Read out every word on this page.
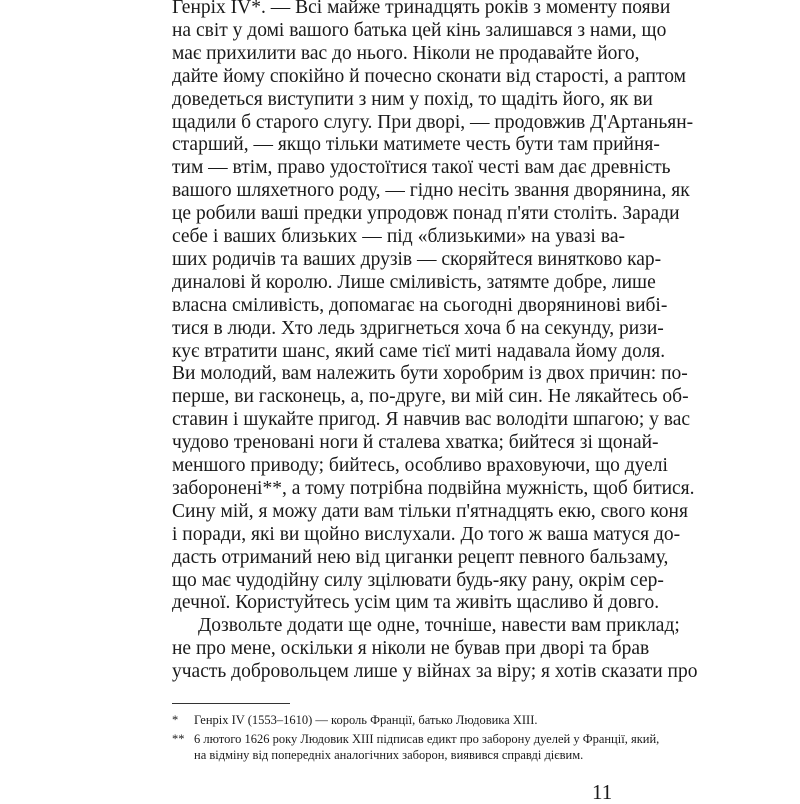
Генріх IV*. — Всі майже тринадцять років з моменту появи
на світ у домі вашого батька цей кінь залишався з нами, що
має прихилити вас до нього. Ніколи не продавайте його,
дайте йому спокійно й почесно сконати від старості, а раптом
доведеться виступити з ним у похід, то щадіть його, як ви
щадили б старого слугу. При дворі, — продовжив Д'Артаньян-
старший, — якщо тільки матимете честь бути там прийня-
тим — втім, право удостоїтися такої честі вам дає древність
вашого шляхетного роду, — гідно несіть звання дворянина, як
це робили ваші предки упродовж понад п'яти століть. Заради
себе і ваших близьких — під «близькими» на увазі ва-
ших родичів та ваших друзів — скоряйтеся винятково кар-
диналові й королю. Лише сміливість, затямте добре, лише
власна сміливість, допомагає на сьогодні дворянинові вибі-
тися в люди. Хто ледь здригнеться хоча б на секунду, ризи-
кує втратити шанс, який саме тієї миті надавала йому доля.
Ви молодий, вам належить бути хоробрим із двох причин: по-
перше, ви гасконець, а, по-друге, ви мій син. Не лякайтесь об-
ставин і шукайте пригод. Я навчив вас володіти шпагою; у вас
чудово треновані ноги й сталева хватка; бийтеся зі щонай-
меншого приводу; бийтесь, особливо враховуючи, що дуелі
заборонені**, а тому потрібна подвійна мужність, щоб битися.
Сину мій, я можу дати вам тільки п'ятнадцять екю, свого коня
і поради, які ви щойно вислухали. До того ж ваша матуся до-
дасть отриманий нею від циганки рецепт певного бальзаму,
що має чудодійну силу зцілювати будь-яку рану, окрім сер-
дечної. Користуйтесь усім цим та живіть щасливо й довго.
Дозвольте додати ще одне, точніше, навести вам приклад;
не про мене, оскільки я ніколи не бував при дворі та брав
участь добровольцем лише у війнах за віру; я хотів сказати про
* Генріх IV (1553–1610) — король Франції, батько Людовика XIII.
** 6 лютого 1626 року Людовик XIII підписав едикт про заборону дуелей у Франції, який,
на відміну від попередніх аналогічних заборон, виявився справді дієвим.
11
